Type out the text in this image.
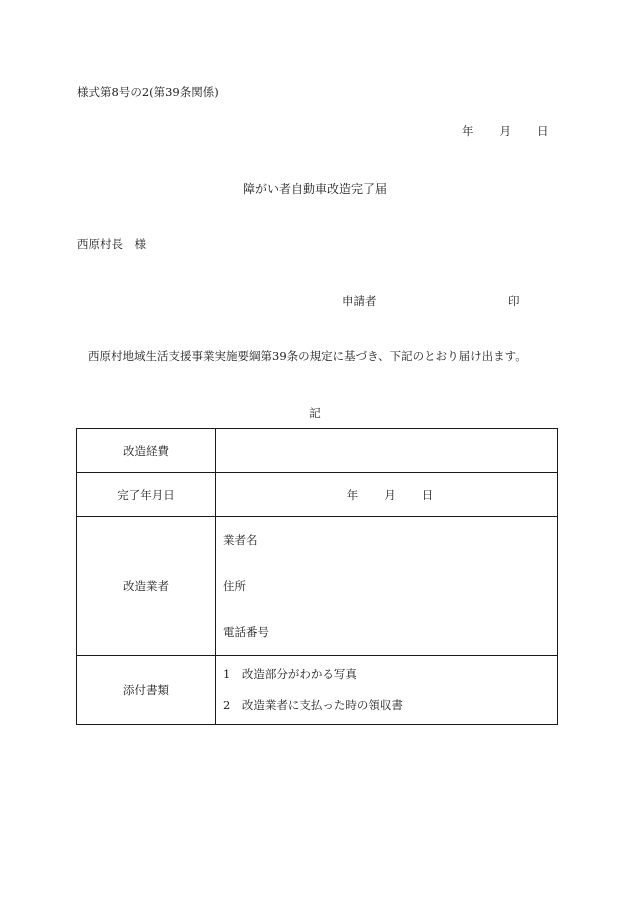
様式第8号の2(第39条関係)
年 月 日
障がい者自動車改造完了届
西原村長　様
申請者	印
西原村地域生活支援事業実施要綱第39条の規定に基づき、下記のとおり届け出ます。
記
改造経費	
完了年月日	年 月 日
改造業者	業者名
住所
電話番号

添付書類	1　改造部分がわかる写真
2　改造業者に支払った時の領収書
